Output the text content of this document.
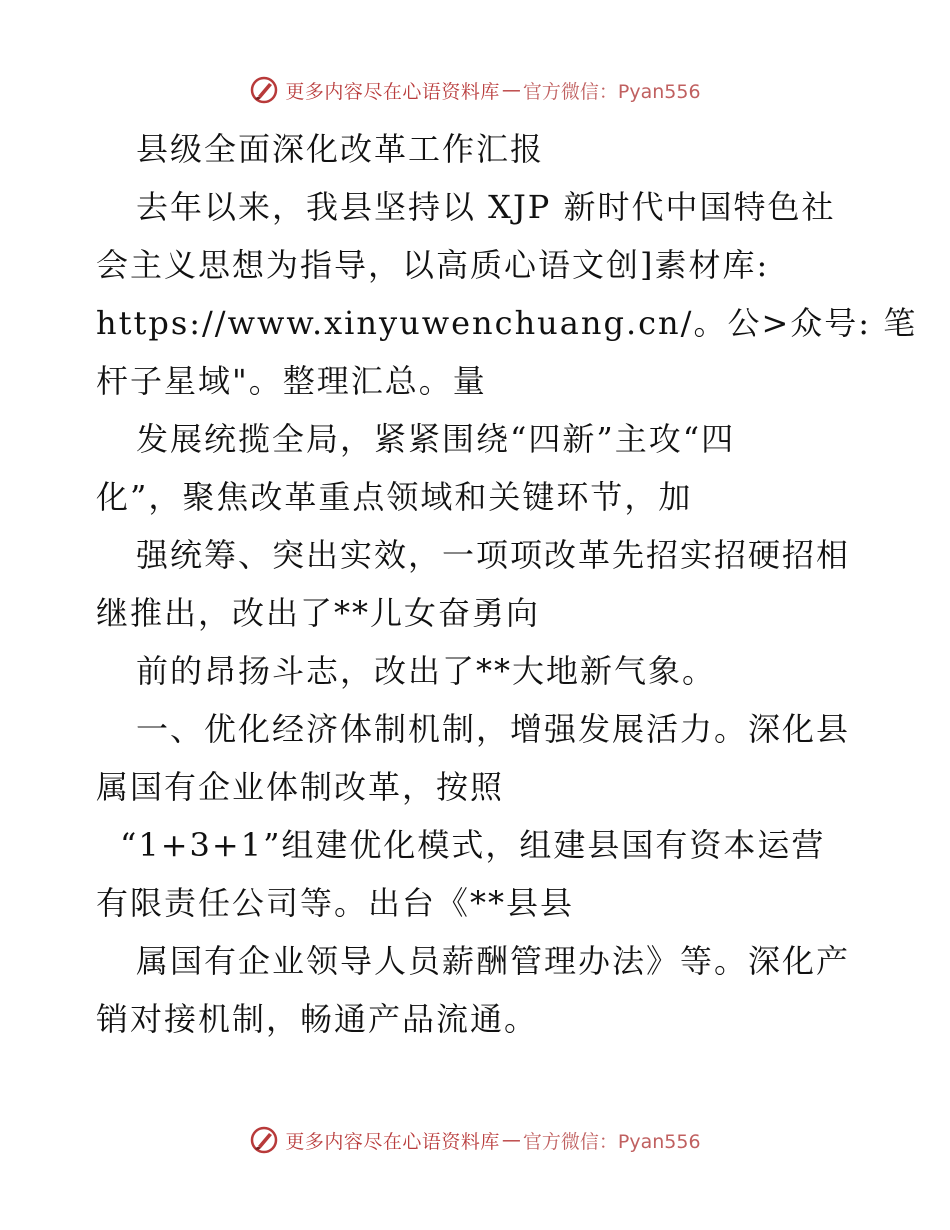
更多内容尽在心语资料库 — 官方微信：Pyan556
县级全面深化改革工作汇报
去年以来，我县坚持以 XJP 新时代中国特色社
会主义思想为指导，以高质心语文创]素材库:
https://www.xinyuwenchuang.cn/。公>众号: 笔
杆子星域"。整理汇总。量
发展统揽全局，紧紧围绕“四新”主攻“四
化”，聚焦改革重点领域和关键环节，加
强统筹、突出实效，一项项改革先招实招硬招相
继推出，改出了**儿女奋勇向
前的昂扬斗志，改出了**大地新气象。
一、优化经济体制机制，增强发展活力。深化县
属国有企业体制改革，按照
“1+3+1”组建优化模式，组建县国有资本运营
有限责任公司等。出台《**县县
属国有企业领导人员薪酬管理办法》等。深化产
销对接机制，畅通产品流通。
更多内容尽在心语资料库 — 官方微信：Pyan556
